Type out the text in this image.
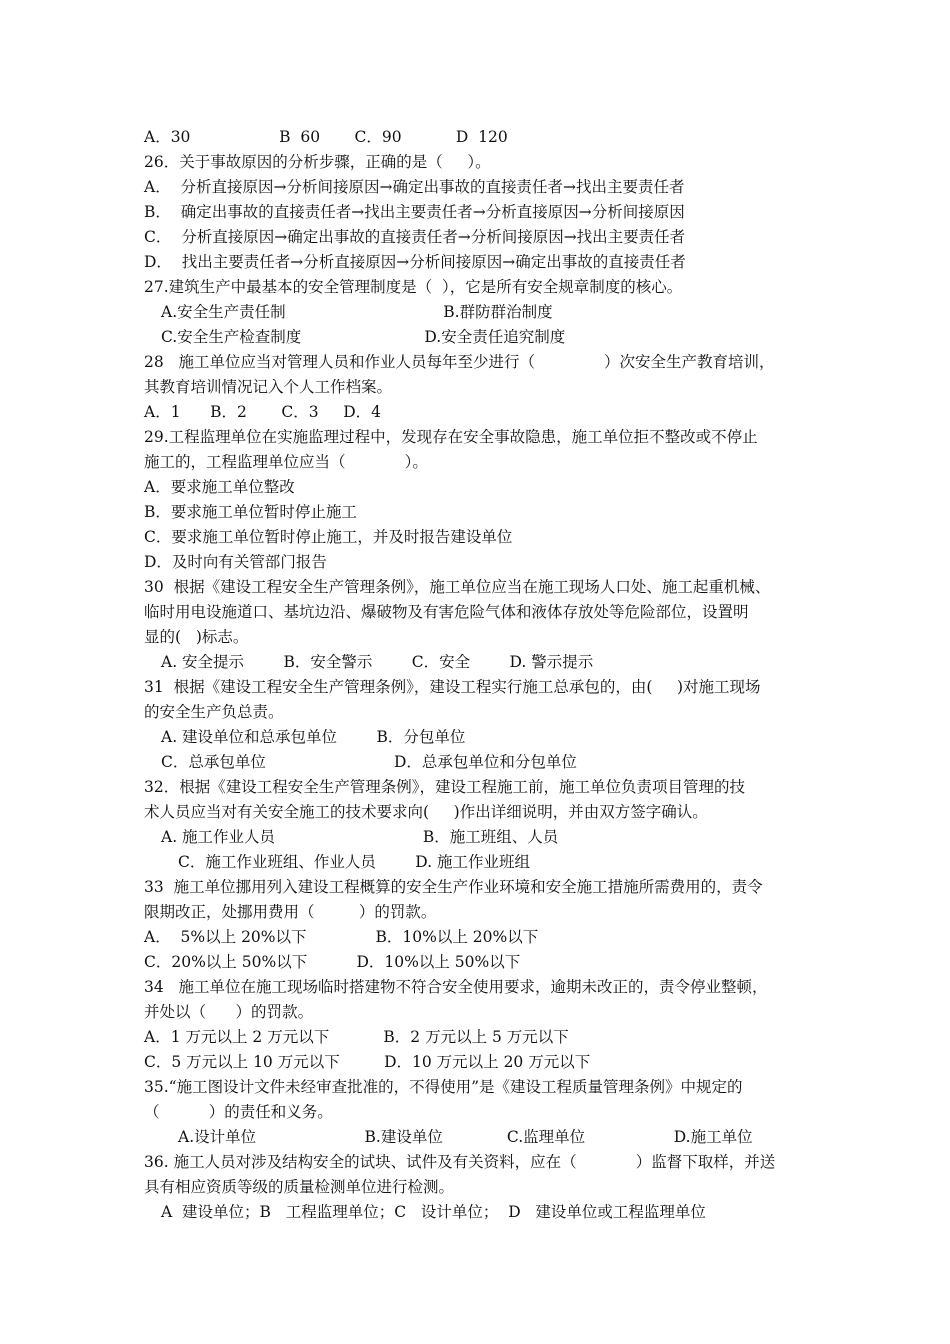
A．30                  B  60       C．90           D  120
26．关于事故原因的分析步骤，正确的是（     ）。
A．  分析直接原因→分析间接原因→确定出事故的直接责任者→找出主要责任者
B．  确定出事故的直接责任者→找出主要责任者→分析直接原因→分析间接原因
C．  分析直接原因→确定出事故的直接责任者→分析间接原因→找出主要责任者
D．  找出主要责任者→分析直接原因→分析间接原因→确定出事故的直接责任者
27.建筑生产中最基本的安全管理制度是（  ），它是所有安全规章制度的核心。
A.安全生产责任制                                B.群防群治制度
C.安全生产检查制度                         D.安全责任追究制度
28   施工单位应当对管理人员和作业人员每年至少进行（              ）次安全生产教育培训，
其教育培训情况记入个人工作档案。
A．1      B．2       C．3     D．4
29.工程监理单位在实施监理过程中，发现存在安全事故隐患，施工单位拒不整改或不停止
施工的，工程监理单位应当（            ）。
A．要求施工单位整改
B．要求施工单位暂时停止施工
C．要求施工单位暂时停止施工，并及时报告建设单位
D．及时向有关管部门报告
30  根据《建设工程安全生产管理条例》，施工单位应当在施工现场人口处、施工起重机械、
临时用电设施道口、基坑边沿、爆破物及有害危险气体和液体存放处等危险部位，设置明
显的(   )标志。
A. 安全提示        B．安全警示        C．安全        D. 警示提示
31  根据《建设工程安全生产管理条例》，建设工程实行施工总承包的，由(     )对施工现场
的安全生产负总责。
A. 建设单位和总承包单位        B．分包单位
C．总承包单位                          D．总承包单位和分包单位
32．根据《建设工程安全生产管理条例》，建设工程施工前，施工单位负责项目管理的技
术人员应当对有关安全施工的技术要求向(     )作出详细说明，并由双方签字确认。
A. 施工作业人员                              B．施工班组、人员
C．施工作业班组、作业人员        D. 施工作业班组
33  施工单位挪用列入建设工程概算的安全生产作业环境和安全施工措施所需费用的，责令
限期改正，处挪用费用（         ）的罚款。
A．  5%以上 20%以下              B．10%以上 20%以下
C．20%以上 50%以下          D．10%以上 50%以下
34   施工单位在施工现场临时搭建物不符合安全使用要求，逾期未改正的，责令停业整顿，
并处以（      ）的罚款。
A．1 万元以上 2 万元以下           B．2 万元以上 5 万元以下
C．5 万元以上 10 万元以下         D．10 万元以上 20 万元以下
35.“施工图设计文件未经审查批准的，不得使用”是《建设工程质量管理条例》中规定的
（          ）的责任和义务。
A.设计单位                      B.建设单位             C.监理单位                  D.施工单位
36. 施工人员对涉及结构安全的试块、试件及有关资料，应在（            ）监督下取样，并送
具有相应资质等级的质量检测单位进行检测。
A  建设单位；B   工程监理单位；C   设计单位；  D   建设单位或工程监理单位
